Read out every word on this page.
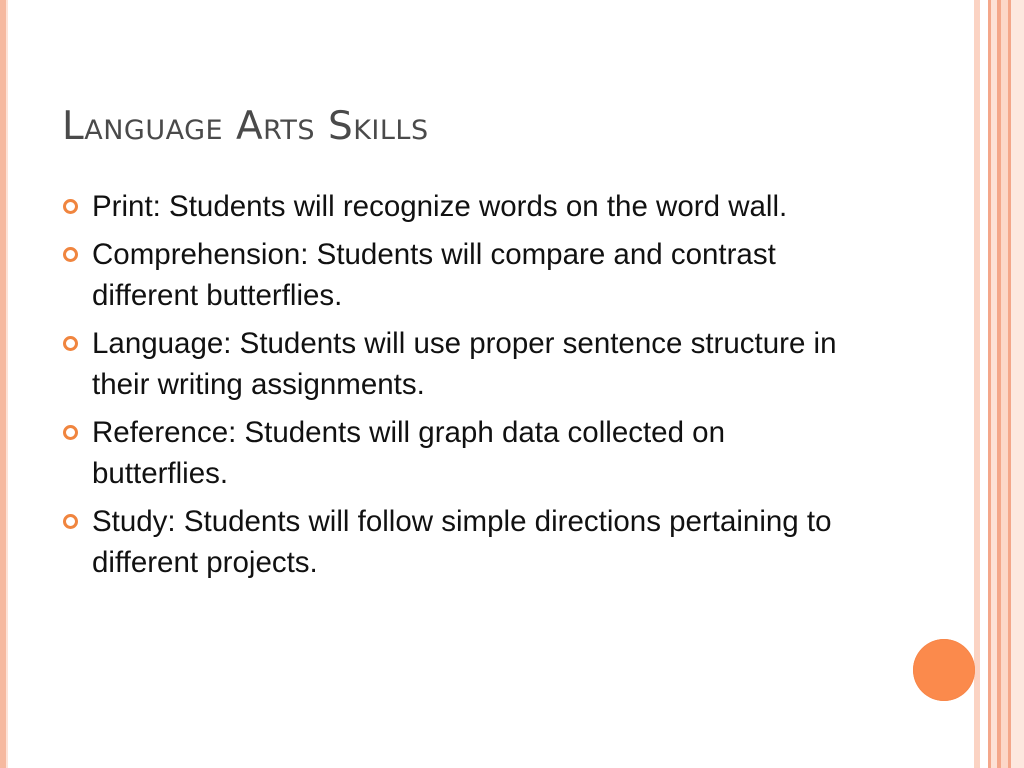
Language Arts Skills
Print: Students will recognize words on the word wall.
Comprehension: Students will compare and contrast different butterflies.
Language: Students will use proper sentence structure in their writing assignments.
Reference: Students will graph data collected on butterflies.
Study: Students will follow simple directions pertaining to different projects.
